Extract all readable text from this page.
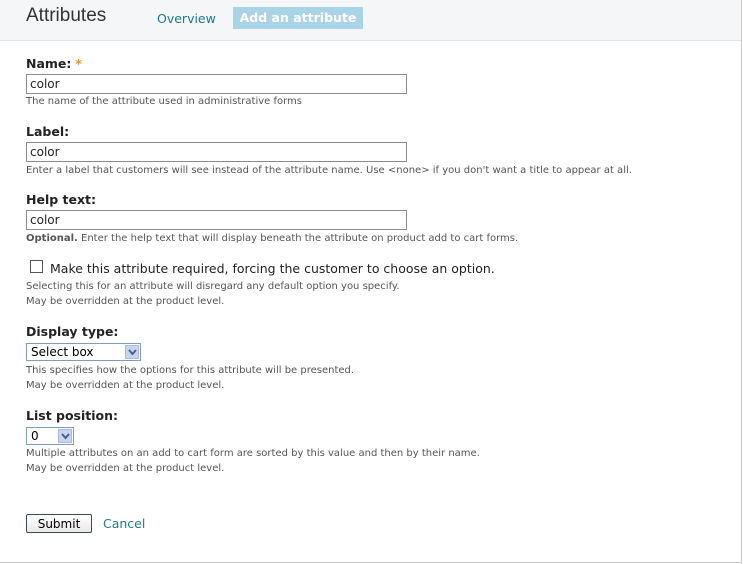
Attributes	Overview	Add an attribute
Name: *
color
The name of the attribute used in administrative forms
Label:
color
Enter a label that customers will see instead of the attribute name. Use <none> if you don't want a title to appear at all.
Help text:
color
Optional. Enter the help text that will display beneath the attribute on product add to cart forms.
Make this attribute required, forcing the customer to choose an option.
Selecting this for an attribute will disregard any default option you specify.
May be overridden at the product level.
Display type:
Select box
This specifies how the options for this attribute will be presented.
May be overridden at the product level.
List position:
0
Multiple attributes on an add to cart form are sorted by this value and then by their name.
May be overridden at the product level.
Submit	Cancel
